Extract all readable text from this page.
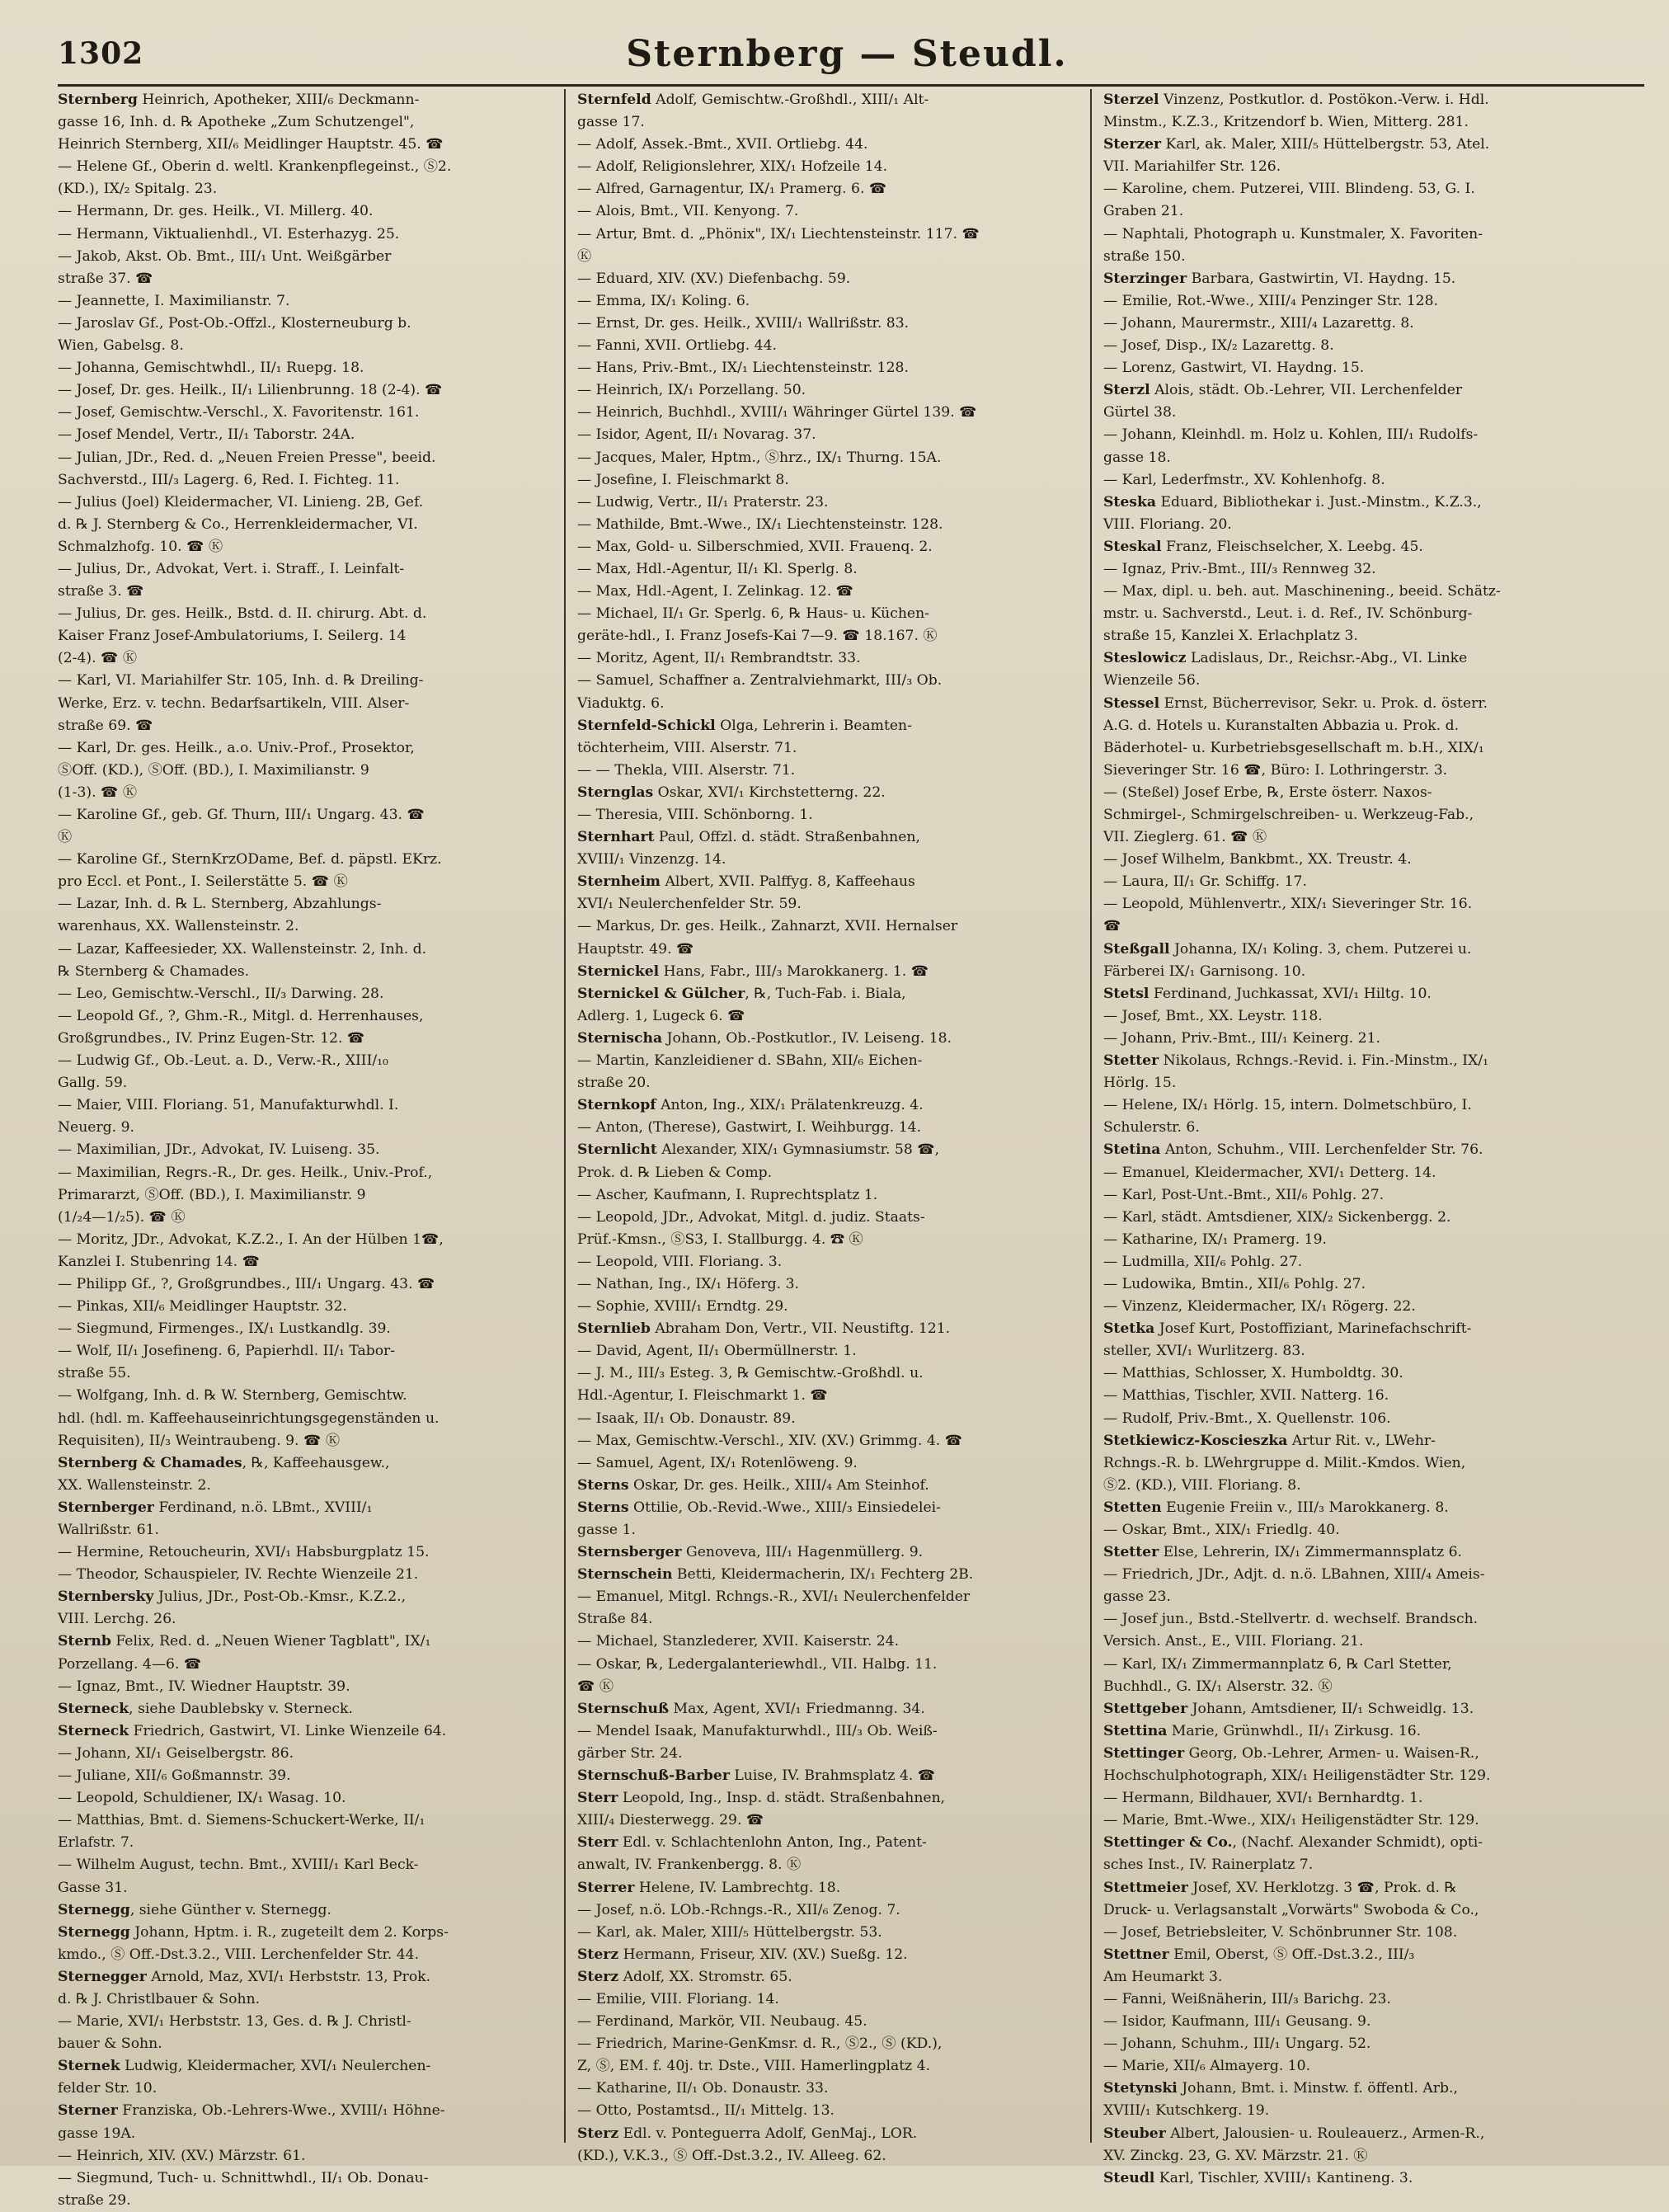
1302	Sternberg — Steudl.
Sternberg Heinrich, Apotheker, XIII/₆ Deckmann-
gasse 16, Inh. d. ℞ Apotheke „Zum Schutzengel",
Heinrich Sternberg, XII/₆ Meidlinger Hauptstr. 45. ☎
— Helene Gf., Oberin d. weltl. Krankenpflegeinst., Ⓢ2.
(KD.), IX/₂ Spitalg. 23.
— Hermann, Dr. ges. Heilk., VI. Millerg. 40.
— Hermann, Viktualienhdl., VI. Esterhazyg. 25.
— Jakob, Akst. Ob. Bmt., III/₁ Unt. Weißgärber
straße 37. ☎
— Jeannette, I. Maximilianstr. 7.
— Jaroslav Gf., Post-Ob.-Offzl., Klosterneuburg b.
Wien, Gabelsg. 8.
— Johanna, Gemischtwhdl., II/₁ Ruepg. 18.
— Josef, Dr. ges. Heilk., II/₁ Lilienbrunng. 18 (2-4). ☎
— Josef, Gemischtw.-Verschl., X. Favoritenstr. 161.
— Josef Mendel, Vertr., II/₁ Taborstr. 24A.
— Julian, JDr., Red. d. „Neuen Freien Presse", beeid.
Sachverstd., III/₃ Lagerg. 6, Red. I. Fichteg. 11.
— Julius (Joel) Kleidermacher, VI. Linieng. 2B, Gef.
d. ℞ J. Sternberg & Co., Herrenkleidermacher, VI.
Schmalzhofg. 10. ☎ Ⓚ
— Julius, Dr., Advokat, Vert. i. Straff., I. Leinfalt-
straße 3. ☎
— Julius, Dr. ges. Heilk., Bstd. d. II. chirurg. Abt. d.
Kaiser Franz Josef-Ambulatoriums, I. Seilerg. 14
(2-4). ☎ Ⓚ
— Karl, VI. Mariahilfer Str. 105, Inh. d. ℞ Dreiling-
Werke, Erz. v. techn. Bedarfsartikeln, VIII. Alser-
straße 69. ☎
— Karl, Dr. ges. Heilk., a.o. Univ.-Prof., Prosektor,
ⓈOff. (KD.), ⓈOff. (BD.), I. Maximilianstr. 9
(1-3). ☎ Ⓚ
— Karoline Gf., geb. Gf. Thurn, III/₁ Ungarg. 43. ☎
Ⓚ
— Karoline Gf., SternKrzODame, Bef. d. päpstl. EKrz.
pro Eccl. et Pont., I. Seilerstätte 5. ☎ Ⓚ
— Lazar, Inh. d. ℞ L. Sternberg, Abzahlungs-
warenhaus, XX. Wallensteinstr. 2.
— Lazar, Kaffeesieder, XX. Wallensteinstr. 2, Inh. d.
℞ Sternberg & Chamades.
— Leo, Gemischtw.-Verschl., II/₃ Darwing. 28.
— Leopold Gf., ?, Ghm.-R., Mitgl. d. Herrenhauses,
Großgrundbes., IV. Prinz Eugen-Str. 12. ☎
— Ludwig Gf., Ob.-Leut. a. D., Verw.-R., XIII/₁₀
Gallg. 59.
— Maier, VIII. Floriang. 51, Manufakturwhdl. I.
Neuerg. 9.
— Maximilian, JDr., Advokat, IV. Luiseng. 35.
— Maximilian, Regrs.-R., Dr. ges. Heilk., Univ.-Prof.,
Primararzt, ⓈOff. (BD.), I. Maximilianstr. 9
(1/₂4—1/₂5). ☎ Ⓚ
— Moritz, JDr., Advokat, K.Z.2., I. An der Hülben 1☎,
Kanzlei I. Stubenring 14. ☎
— Philipp Gf., ?, Großgrundbes., III/₁ Ungarg. 43. ☎
— Pinkas, XII/₆ Meidlinger Hauptstr. 32.
— Siegmund, Firmenges., IX/₁ Lustkandlg. 39.
— Wolf, II/₁ Josefineng. 6, Papierhdl. II/₁ Tabor-
straße 55.
— Wolfgang, Inh. d. ℞ W. Sternberg, Gemischtw.
hdl. (hdl. m. Kaffeehauseinrichtungsgegenständen u.
Requisiten), II/₃ Weintraubeng. 9. ☎ Ⓚ
Sternberg & Chamades, ℞, Kaffeehausgew.,
XX. Wallensteinstr. 2.
Sternberger Ferdinand, n.ö. LBmt., XVIII/₁
Wallrißstr. 61.
— Hermine, Retoucheurin, XVI/₁ Habsburgplatz 15.
— Theodor, Schauspieler, IV. Rechte Wienzeile 21.
Sternbersky Julius, JDr., Post-Ob.-Kmsr., K.Z.2.,
VIII. Lerchg. 26.
Sternb Felix, Red. d. „Neuen Wiener Tagblatt", IX/₁
Porzellang. 4—6. ☎
— Ignaz, Bmt., IV. Wiedner Hauptstr. 39.
Sterneck, siehe Daublebsky v. Sterneck.
Sterneck Friedrich, Gastwirt, VI. Linke Wienzeile 64.
— Johann, XI/₁ Geiselbergstr. 86.
— Juliane, XII/₆ Goßmannstr. 39.
— Leopold, Schuldiener, IX/₁ Wasag. 10.
— Matthias, Bmt. d. Siemens-Schuckert-Werke, II/₁
Erlafstr. 7.
— Wilhelm August, techn. Bmt., XVIII/₁ Karl Beck-
Gasse 31.
Sternegg, siehe Günther v. Sternegg.
Sternegg Johann, Hptm. i. R., zugeteilt dem 2. Korps-
kmdo., Ⓢ Off.-Dst.3.2., VIII. Lerchenfelder Str. 44.
Sternegger Arnold, Maz, XVI/₁ Herbststr. 13, Prok.
d. ℞ J. Christlbauer & Sohn.
— Marie, XVI/₁ Herbststr. 13, Ges. d. ℞ J. Christl-
bauer & Sohn.
Sternek Ludwig, Kleidermacher, XVI/₁ Neulerchen-
felder Str. 10.
Sterner Franziska, Ob.-Lehrers-Wwe., XVIII/₁ Höhne-
gasse 19A.
— Heinrich, XIV. (XV.) Märzstr. 61.
— Siegmund, Tuch- u. Schnittwhdl., II/₁ Ob. Donau-
straße 29.
Sternfeld Adolf, Gemischtw.-Großhdl., XIII/₁ Alt-
gasse 17.
— Adolf, Assek.-Bmt., XVII. Ortliebg. 44.
— Adolf, Religionslehrer, XIX/₁ Hofzeile 14.
— Alfred, Garnagentur, IX/₁ Pramerg. 6. ☎
— Alois, Bmt., VII. Kenyong. 7.
— Artur, Bmt. d. „Phönix", IX/₁ Liechtensteinstr. 117. ☎
Ⓚ
— Eduard, XIV. (XV.) Diefenbachg. 59.
— Emma, IX/₁ Koling. 6.
— Ernst, Dr. ges. Heilk., XVIII/₁ Wallrißstr. 83.
— Fanni, XVII. Ortliebg. 44.
— Hans, Priv.-Bmt., IX/₁ Liechtensteinstr. 128.
— Heinrich, IX/₁ Porzellang. 50.
— Heinrich, Buchhdl., XVIII/₁ Währinger Gürtel 139. ☎
— Isidor, Agent, II/₁ Novarag. 37.
— Jacques, Maler, Hptm., Ⓢhrz., IX/₁ Thurng. 15A.
— Josefine, I. Fleischmarkt 8.
— Ludwig, Vertr., II/₁ Praterstr. 23.
— Mathilde, Bmt.-Wwe., IX/₁ Liechtensteinstr. 128.
— Max, Gold- u. Silberschmied, XVII. Frauenq. 2.
— Max, Hdl.-Agentur, II/₁ Kl. Sperlg. 8.
— Max, Hdl.-Agent, I. Zelinkag. 12. ☎
— Michael, II/₁ Gr. Sperlg. 6, ℞ Haus- u. Küchen-
geräte-hdl., I. Franz Josefs-Kai 7—9. ☎ 18.167. Ⓚ
— Moritz, Agent, II/₁ Rembrandtstr. 33.
— Samuel, Schaffner a. Zentralviehmarkt, III/₃ Ob.
Viaduktg. 6.
Sternfeld-Schickl Olga, Lehrerin i. Beamten-
töchterheim, VIII. Alserstr. 71.
— — Thekla, VIII. Alserstr. 71.
Sternglas Oskar, XVI/₁ Kirchstetterng. 22.
— Theresia, VIII. Schönborng. 1.
Sternhart Paul, Offzl. d. städt. Straßenbahnen,
XVIII/₁ Vinzenzg. 14.
Sternheim Albert, XVII. Palffyg. 8, Kaffeehaus
XVI/₁ Neulerchenfelder Str. 59.
— Markus, Dr. ges. Heilk., Zahnarzt, XVII. Hernalser
Hauptstr. 49. ☎
Sternickel Hans, Fabr., III/₃ Marokkanerg. 1. ☎
Sternickel & Gülcher, ℞, Tuch-Fab. i. Biala,
Adlerg. 1, Lugeck 6. ☎
Sternischa Johann, Ob.-Postkutlor., IV. Leiseng. 18.
— Martin, Kanzleidiener d. SBahn, XII/₆ Eichen-
straße 20.
Sternkopf Anton, Ing., XIX/₁ Prälatenkreuzg. 4.
— Anton, (Therese), Gastwirt, I. Weihburgg. 14.
Sternlicht Alexander, XIX/₁ Gymnasiumstr. 58 ☎,
Prok. d. ℞ Lieben & Comp.
— Ascher, Kaufmann, I. Ruprechtsplatz 1.
— Leopold, JDr., Advokat, Mitgl. d. judiz. Staats-
Prüf.-Kmsn., ⓈS3, I. Stallburgg. 4. ☎ Ⓚ
— Leopold, VIII. Floriang. 3.
— Nathan, Ing., IX/₁ Höferg. 3.
— Sophie, XVIII/₁ Erndtg. 29.
Sternlieb Abraham Don, Vertr., VII. Neustiftg. 121.
— David, Agent, II/₁ Obermüllnerstr. 1.
— J. M., III/₃ Esteg. 3, ℞ Gemischtw.-Großhdl. u.
Hdl.-Agentur, I. Fleischmarkt 1. ☎
— Isaak, II/₁ Ob. Donaustr. 89.
— Max, Gemischtw.-Verschl., XIV. (XV.) Grimmg. 4. ☎
— Samuel, Agent, IX/₁ Rotenlöweng. 9.
Sterns Oskar, Dr. ges. Heilk., XIII/₄ Am Steinhof.
Sterns Ottilie, Ob.-Revid.-Wwe., XIII/₃ Einsiedelei-
gasse 1.
Sternsberger Genoveva, III/₁ Hagenmüllerg. 9.
Sternschein Betti, Kleidermacherin, IX/₁ Fechterg 2B.
— Emanuel, Mitgl. Rchngs.-R., XVI/₁ Neulerchenfelder
Straße 84.
— Michael, Stanzlederer, XVII. Kaiserstr. 24.
— Oskar, ℞, Ledergalanteriewhdl., VII. Halbg. 11.
☎ Ⓚ
Sternschuß Max, Agent, XVI/₁ Friedmanng. 34.
— Mendel Isaak, Manufakturwhdl., III/₃ Ob. Weiß-
gärber Str. 24.
Sternschuß-Barber Luise, IV. Brahmsplatz 4. ☎
Sterr Leopold, Ing., Insp. d. städt. Straßenbahnen,
XIII/₄ Diesterwegg. 29. ☎
Sterr Edl. v. Schlachtenlohn Anton, Ing., Patent-
anwalt, IV. Frankenbergg. 8. Ⓚ
Sterrer Helene, IV. Lambrechtg. 18.
— Josef, n.ö. LOb.-Rchngs.-R., XII/₆ Zenog. 7.
— Karl, ak. Maler, XIII/₅ Hüttelbergstr. 53.
Sterz Hermann, Friseur, XIV. (XV.) Sueßg. 12.
Sterz Adolf, XX. Stromstr. 65.
— Emilie, VIII. Floriang. 14.
— Ferdinand, Markör, VII. Neubaug. 45.
— Friedrich, Marine-GenKmsr. d. R., Ⓢ2., Ⓢ (KD.),
Z, Ⓢ, EM. f. 40j. tr. Dste., VIII. Hamerlingplatz 4.
— Katharine, II/₁ Ob. Donaustr. 33.
— Otto, Postamtsd., II/₁ Mittelg. 13.
Sterz Edl. v. Ponteguerra Adolf, GenMaj., LOR.
(KD.), V.K.3., Ⓢ Off.-Dst.3.2., IV. Alleeg. 62.
Sterzel Vinzenz, Postkutlor. d. Postökon.-Verw. i. Hdl.
Minstm., K.Z.3., Kritzendorf b. Wien, Mitterg. 281.
Sterzer Karl, ak. Maler, XIII/₅ Hüttelbergstr. 53, Atel.
VII. Mariahilfer Str. 126.
— Karoline, chem. Putzerei, VIII. Blindeng. 53, G. I.
Graben 21.
— Naphtali, Photograph u. Kunstmaler, X. Favoriten-
straße 150.
Sterzinger Barbara, Gastwirtin, VI. Haydng. 15.
— Emilie, Rot.-Wwe., XIII/₄ Penzinger Str. 128.
— Johann, Maurermstr., XIII/₄ Lazarettg. 8.
— Josef, Disp., IX/₂ Lazarettg. 8.
— Lorenz, Gastwirt, VI. Haydng. 15.
Sterzl Alois, städt. Ob.-Lehrer, VII. Lerchenfelder
Gürtel 38.
— Johann, Kleinhdl. m. Holz u. Kohlen, III/₁ Rudolfs-
gasse 18.
— Karl, Lederfmstr., XV. Kohlenhofg. 8.
Steska Eduard, Bibliothekar i. Just.-Minstm., K.Z.3.,
VIII. Floriang. 20.
Steskal Franz, Fleischselcher, X. Leebg. 45.
— Ignaz, Priv.-Bmt., III/₃ Rennweg 32.
— Max, dipl. u. beh. aut. Maschinening., beeid. Schätz-
mstr. u. Sachverstd., Leut. i. d. Ref., IV. Schönburg-
straße 15, Kanzlei X. Erlachplatz 3.
Steslowicz Ladislaus, Dr., Reichsr.-Abg., VI. Linke
Wienzeile 56.
Stessel Ernst, Bücherrevisor, Sekr. u. Prok. d. österr.
A.G. d. Hotels u. Kuranstalten Abbazia u. Prok. d.
Bäderhotel- u. Kurbetriebsgesellschaft m. b.H., XIX/₁
Sieveringer Str. 16 ☎, Büro: I. Lothringerstr. 3.
— (Steßel) Josef Erbe, ℞, Erste österr. Naxos-
Schmirgel-, Schmirgelschreiben- u. Werkzeug-Fab.,
VII. Zieglerg. 61. ☎ Ⓚ
— Josef Wilhelm, Bankbmt., XX. Treustr. 4.
— Laura, II/₁ Gr. Schiffg. 17.
— Leopold, Mühlenvertr., XIX/₁ Sieveringer Str. 16.
☎
Steßgall Johanna, IX/₁ Koling. 3, chem. Putzerei u.
Färberei IX/₁ Garnisong. 10.
Stetsl Ferdinand, Juchkassat, XVI/₁ Hiltg. 10.
— Josef, Bmt., XX. Leystr. 118.
— Johann, Priv.-Bmt., III/₁ Keinerg. 21.
Stetter Nikolaus, Rchngs.-Revid. i. Fin.-Minstm., IX/₁
Hörlg. 15.
— Helene, IX/₁ Hörlg. 15, intern. Dolmetschbüro, I.
Schulerstr. 6.
Stetina Anton, Schuhm., VIII. Lerchenfelder Str. 76.
— Emanuel, Kleidermacher, XVI/₁ Detterg. 14.
— Karl, Post-Unt.-Bmt., XII/₆ Pohlg. 27.
— Karl, städt. Amtsdiener, XIX/₂ Sickenbergg. 2.
— Katharine, IX/₁ Pramerg. 19.
— Ludmilla, XII/₆ Pohlg. 27.
— Ludowika, Bmtin., XII/₆ Pohlg. 27.
— Vinzenz, Kleidermacher, IX/₁ Rögerg. 22.
Stetka Josef Kurt, Postoffiziant, Marinefachschrift-
steller, XVI/₁ Wurlitzerg. 83.
— Matthias, Schlosser, X. Humboldtg. 30.
— Matthias, Tischler, XVII. Natterg. 16.
— Rudolf, Priv.-Bmt., X. Quellenstr. 106.
Stetkiewicz-Koscieszka Artur Rit. v., LWehr-
Rchngs.-R. b. LWehrgruppe d. Milit.-Kmdos. Wien,
Ⓢ2. (KD.), VIII. Floriang. 8.
Stetten Eugenie Freiin v., III/₃ Marokkanerg. 8.
— Oskar, Bmt., XIX/₁ Friedlg. 40.
Stetter Else, Lehrerin, IX/₁ Zimmermannsplatz 6.
— Friedrich, JDr., Adjt. d. n.ö. LBahnen, XIII/₄ Ameis-
gasse 23.
— Josef jun., Bstd.-Stellvertr. d. wechself. Brandsch.
Versich. Anst., E., VIII. Floriang. 21.
— Karl, IX/₁ Zimmermannplatz 6, ℞ Carl Stetter,
Buchhdl., G. IX/₁ Alserstr. 32. Ⓚ
Stettgeber Johann, Amtsdiener, II/₁ Schweidlg. 13.
Stettina Marie, Grünwhdl., II/₁ Zirkusg. 16.
Stettinger Georg, Ob.-Lehrer, Armen- u. Waisen-R.,
Hochschulphotograph, XIX/₁ Heiligenstädter Str. 129.
— Hermann, Bildhauer, XVI/₁ Bernhardtg. 1.
— Marie, Bmt.-Wwe., XIX/₁ Heiligenstädter Str. 129.
Stettinger & Co., (Nachf. Alexander Schmidt), opti-
sches Inst., IV. Rainerplatz 7.
Stettmeier Josef, XV. Herklotzg. 3 ☎, Prok. d. ℞
Druck- u. Verlagsanstalt „Vorwärts" Swoboda & Co.,
— Josef, Betriebsleiter, V. Schönbrunner Str. 108.
Stettner Emil, Oberst, Ⓢ Off.-Dst.3.2., III/₃
Am Heumarkt 3.
— Fanni, Weißnäherin, III/₃ Barichg. 23.
— Isidor, Kaufmann, III/₁ Geusang. 9.
— Johann, Schuhm., III/₁ Ungarg. 52.
— Marie, XII/₆ Almayerg. 10.
Stetynski Johann, Bmt. i. Minstw. f. öffentl. Arb.,
XVIII/₁ Kutschkerg. 19.
Steuber Albert, Jalousien- u. Rouleauerz., Armen-R.,
XV. Zinckg. 23, G. XV. Märzstr. 21. Ⓚ
Steudl Karl, Tischler, XVIII/₁ Kantineng. 3.
